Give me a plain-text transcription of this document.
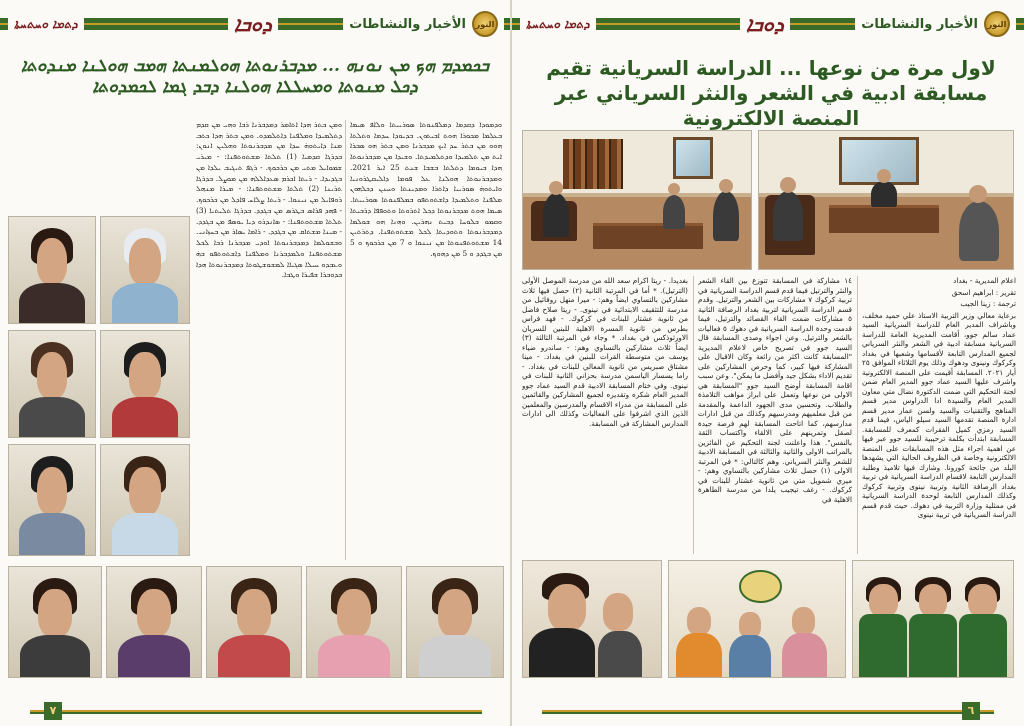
ܕܬܡܐ ܘܚܬܚܬܐ	ܕܘܒܐ	الأخبار والنشاطات	النور
ܒܟܡܕܡ ܗܟ ܡܢ ܢܘܢܗ ... ܡܕܒܪܢܘܬܐ ܗܘܠܡܢܬܐ ܗܡܒ ܗܘܠܢܐ ܡܢܕܘܬܐ ܕܟܠ ܡܢܘܬܐ ܘܡܚܠܠܐ ܗܘܠܢܐ ܕܒܕ ܓܡܐ ܠܟܡܕܘܬܐ
ܘܕܡܘܕܐ ܕܩܕܡܐ ܕܡܠܦܢܘܬܐ ܣܘܪܝܝܬܐ ܘܠܐܦ ܣܝܡܐ ܒܥܠܡܐ ܡܟܘܪܐ ܗܘܬ ܐܒܝܬܘܢ. ܒܕܝܘܕܐ ܚܕܡܐ ܘܬܠܬܐ ܗܘܘ ܡܢ ܒܬܪ ܚܕ ܐܝܟ ܡܕܒܪܢܐ ܘܡܢ ܒܬܪ ܗܘ ܣܒܪܐ ܐܝܬ ܡܢ ܬܠܡܝܕܐ ܘܕܬܠܡܝܕܬܐ. ܘܫܝܕܐ ܡܢ ܡܕܒܪܢܘܬܐ ܗܕܐ ܒܝܘܡܐ ܕܬܠܬܐ ܒܫܒܐ ܫܢܬ 25 ܐܝܪ 2021. ܘܡܕܒܪܢܘܬܐ ܗܘܠܢܐ ܥܠ ܦܘܡܐ ܕܐܠܝܩܛܪܘܢܝܐ ܘܐܝܬܘܗ̇ ܣܘܪܝܝܐ ܕܐܬܪܐ ܘܡܕܝܢܬܐ ܘܚܢܢ ܕܟܠܗܘܢ ܡܠܦܢܐ ܘܬܠܡܝܕܐ ܕܐܫܬܘܬܦܘ ܒܡܠܦܢܘܬܐ ܣܘܪܝܝܬܐ. ܣܝܡܐ ܗܘܬ ܡܕܒܪܢܘܬܐ ܕܟܠ ܐܬܪܘܬܐ ܘܬܘܦܦܐ ܕܪܒܝܬܐ ܘܩܡܘ ܒܠܘܚܐ ܕܒܝܬ ܢܗܪܝܢ. ܘܗܢܐ ܗܘ ܫܘܠܡܐ ܕܡܕܒܪܢܘܬܐ ܘܬܘܕܝܬܐ ܠܟܠ ܡܫܬܘܬܦܢܐ. ܕܬܪܬܝܢ 14 ܡܫܬܘܬܦܢܘܬܐ ܡܢ ܢܝܢܘܐ ܘ 7 ܡܢ ܟܪܟܘܟ ܘ 5 ܡܢ ܒܓܕܕ ܘ 5 ܡܢ ܕܗܘܟ.
ܘܡܢ ܒܬܪ ܗܕܐ ܐܬܐܡܪ ܕܡܕܒܪܢܐ ܪܒܐ ܘܗܝ ܡܢ ܩܕܡ ܕܬܠܡܝܕܐ ܘܡܠܦܢܐ ܕܐܬܠܡܕܘ. ܘܡܢ ܒܬܪ ܗܕܐ ܟܬܒ ܡܢܐ ܕܐܝܬܘܗ̇ ܚܕܐ ܡܢ ܡܕܒܪܢܘܬܐ ܘܗܠܝܢ ܐܢܘܢ: ܒܕܪܓܐ ܩܕܡܝܐ (1) ܬܠܬܐ ܡܫܬܘܬܦܢܐ: - ܡܝܪܝ ܫܡܘܐܝܠ ܡܬܝ ܡܢ ܟܪܟܘܟ. - ܪܓܦ ܬܝܓܝܒ ܝܠܕܐ ܡܢ ܒܓܕܝܕܐ. - ܪܝܬܐ ܐܟܪܡ ܣܥܕܐܠܠܗ ܡܢ ܡܘܨܠ. ܒܕܪܓܐ ܬܪܝܢܐ (2) ܬܠܬܐ ܡܫܬܘܬܦܢܐ: - ܡܝܪܐ ܡܢܗܠ ܪܘܦܐܝܠ ܡܢ ܢܝܢܘܐ. - ܪܝܬܐ ܨܠܐܚ ܦܐܕܠ ܡܢ ܟܪܟܘܟ. - ܦܗܕ ܦܪܐܣ ܒܛܪܣ ܡܢ ܒܓܕܕ. ܒܕܪܓܐ ܬܠܝܬܝܐ (3) ܬܠܬܐ ܡܫܬܘܬܦܢܐ: - ܣܐܢܕܪܘ ܕܝܐ ܝܘܣܦ ܡܢ ܒܓܕܕ. - ܡܝܢܐ ܡܫܬܐܩ ܡܢ ܒܓܕܕ. - ܪܐܡܐ ܝܣܐܪ ܡܢ ܒܚܙܐܢܝ. ܘܒܫܘܠܡܐ ܕܡܕܒܪܢܘܬܐ ܐܘܕܝ ܡܕܒܪܢܐ ܪܒܐ ܠܟܠ ܡܫܬܘܬܦܢܐ ܘܠܡܕܒܪܢܐ ܘܡܠܦܢܐ ܕܐܫܬܘܬܦܘ ܒܗ̇ ܘܥܒܕܘ ܚܝܠܐ ܣܓܝܐܐ ܠܡܫܘܫܛܘܬܐ ܕܡܕܒܪܢܘܬܐ ܗܕܐ ܒܕܘܒܪܐ ܫܦܝܪܐ ܘܛܒܐ.
٧
ܕܬܡܐ ܘܚܬܚܬܐ	ܕܘܒܐ	الأخبار والنشاطات	النور
لاول مرة من نوعها ... الدراسة السريانية تقيم مسابقة ادبية في الشعر والنثر السرياني عبر المنصة الالكترونية

اعلام المديرية - بغداد

تقرير : ابراهيم اسحق

ترجمة : زينا الجيب

برعاية معالي وزير التربية الاستاذ علي حميد مخلف، وباشراف المدير العام للدراسة السريانية السيد عماد سالم جوو، أقامت المديرية العامة للدراسة السريانية مسابقة ادبية في الشعر والنثر السرياني لجميع المدارس التابعة لأقسامها وشعبها في بغداد وكركوك ونينوى ودهوك وذلك يوم الثلاثاء الموافق ٢٥ أيار ٢٠٢١. المسابقة أقيمت على المنصة الالكترونية واشرف عليها السيد عماد جوو المدير العام ضمن لجنة التحكيم التي ضمت الدكتورة نضال متي معاون المدير العام والسيدة ادا الدراوس مدير قسم المناهج والتقنيات والسيد ولسن عمار مدير قسم ادارة المنصة تقدمها السيد سيلو الياس، فيما قدم السيد رمزي كميل الفقرات كمعرف للمسابقة. المسابقة ابتدأت بكلمة ترحيبية للسيد جوو عبر فيها عن اهمية اجراء مثل هذه المسابقات على المنصة الالكترونية وخاصة في الظروف الحالية التي يشهدها البلد من جائحة كورونا. وشارك فيها تلاميذ وطلبة المدارس التابعة لاقسام الدراسة السريانية في تربية بغداد الرصافة الثانية وتربية نينوى وتربية كركوك وكذلك المدارس التابعة لوحدة الدراسة السريانية في ممثلية وزارة التربية في دهوك. حيث قدم قسم الدراسة السريانية في تربية نينوى

١٤ مشاركة في المسابقة تتوزع بين القاء الشعر والنثر والترتيل فيما قدم قسم الدراسة السريانية في تربية كركوك ٧ مشاركات بين الشعر والترتيل. وقدم قسم الدراسة السريانية لتربية بغداد الرصافة الثانية ٥ مشاركات ضمت القاء القصائد والترتيل، فيما قدمت وحدة الدراسة السريانية في دهوك ٥ فعاليات بالشعر والترتيل. وعن اجواء وصدى المسابقة قال السيد جوو في تصريح خاص لاعلام المديرية "المسابقة كانت اكثر من رائعة وكان الاقبال على المشاركة فيها كبير، كما وحرص المشاركين على تقديم الاداء بشكل جيد وأفضل ما يمكن". وعن سبب اقامة المسابقة أوضح السيد جوو "المسابقة هي الاولى من نوعها وتعمل على ابراز مواهب التلامذة والطلاب. وتحسين مدى الجهود الداعمة والمقدمة من قبل معلميهم ومدرسيهم وكذلك من قبل ادارات مدارسهم، كما اتاحت المسابقة لهم فرصة جيدة لصقل وتمرينهم على الالقاء واكتساب الثقة بالنفس". هذا واعلنت لجنة التحكيم عن الفائزين بالمراتب الاولى والثانية والثالثة في المسابقة الادبية للشعر والنثر السرياني. وهم كالتالي: * في المرتبة الاولى (١) حصل ثلاث مشاركين بالتساوي وهم: - ميري شمويل متي من ثانوية عشتار للبنات في كركوك. - رغف تيجيب يلدا من مدرسة الطاهرة الاهلية في
بغديدا. - ريتا اكرام سعد الله من مدرسة الموصل الأولى (الترتيل). * أما في المرتبة الثانية (٢) حصل فيها ثلاث مشاركين بالتساوي ايضاً وهم: - ميرا منهل روفائيل من مدرسة للتثقيف الابتدائية في نينوى. - ريتا صلاح فاضل من ثانوية عشتار للبنات في كركوك. - فهد فراس بطرس من ثانوية المسرة الاهلية للبنين للسريان الاورثوذكس في بغداد. * وجاء في المرتبة الثالثة (٣) ايضاً ثلاث مشاركين بالتساوي وهم: - ساندرو ضياء يوسف من متوسطة القرات للبنين في بغداد. - مينا مشتاق صبريس من ثانوية المعالي للبنات في بغداد. - راما يسسار الياسمن مدرسة بحزاني الثانية للبنات في نينوى. وفي ختام المسابقة الادبية قدم السيد عماد جوو المدير العام شكره وتقديره لجميع المشاركين والقائمين على المسابقة من مدراء الاقسام والمدرسين والمعلمين الذين الذي اشرفوا على الفعاليات وكذلك الى ادارات المدارس المشاركة في المسابقة.
٦
